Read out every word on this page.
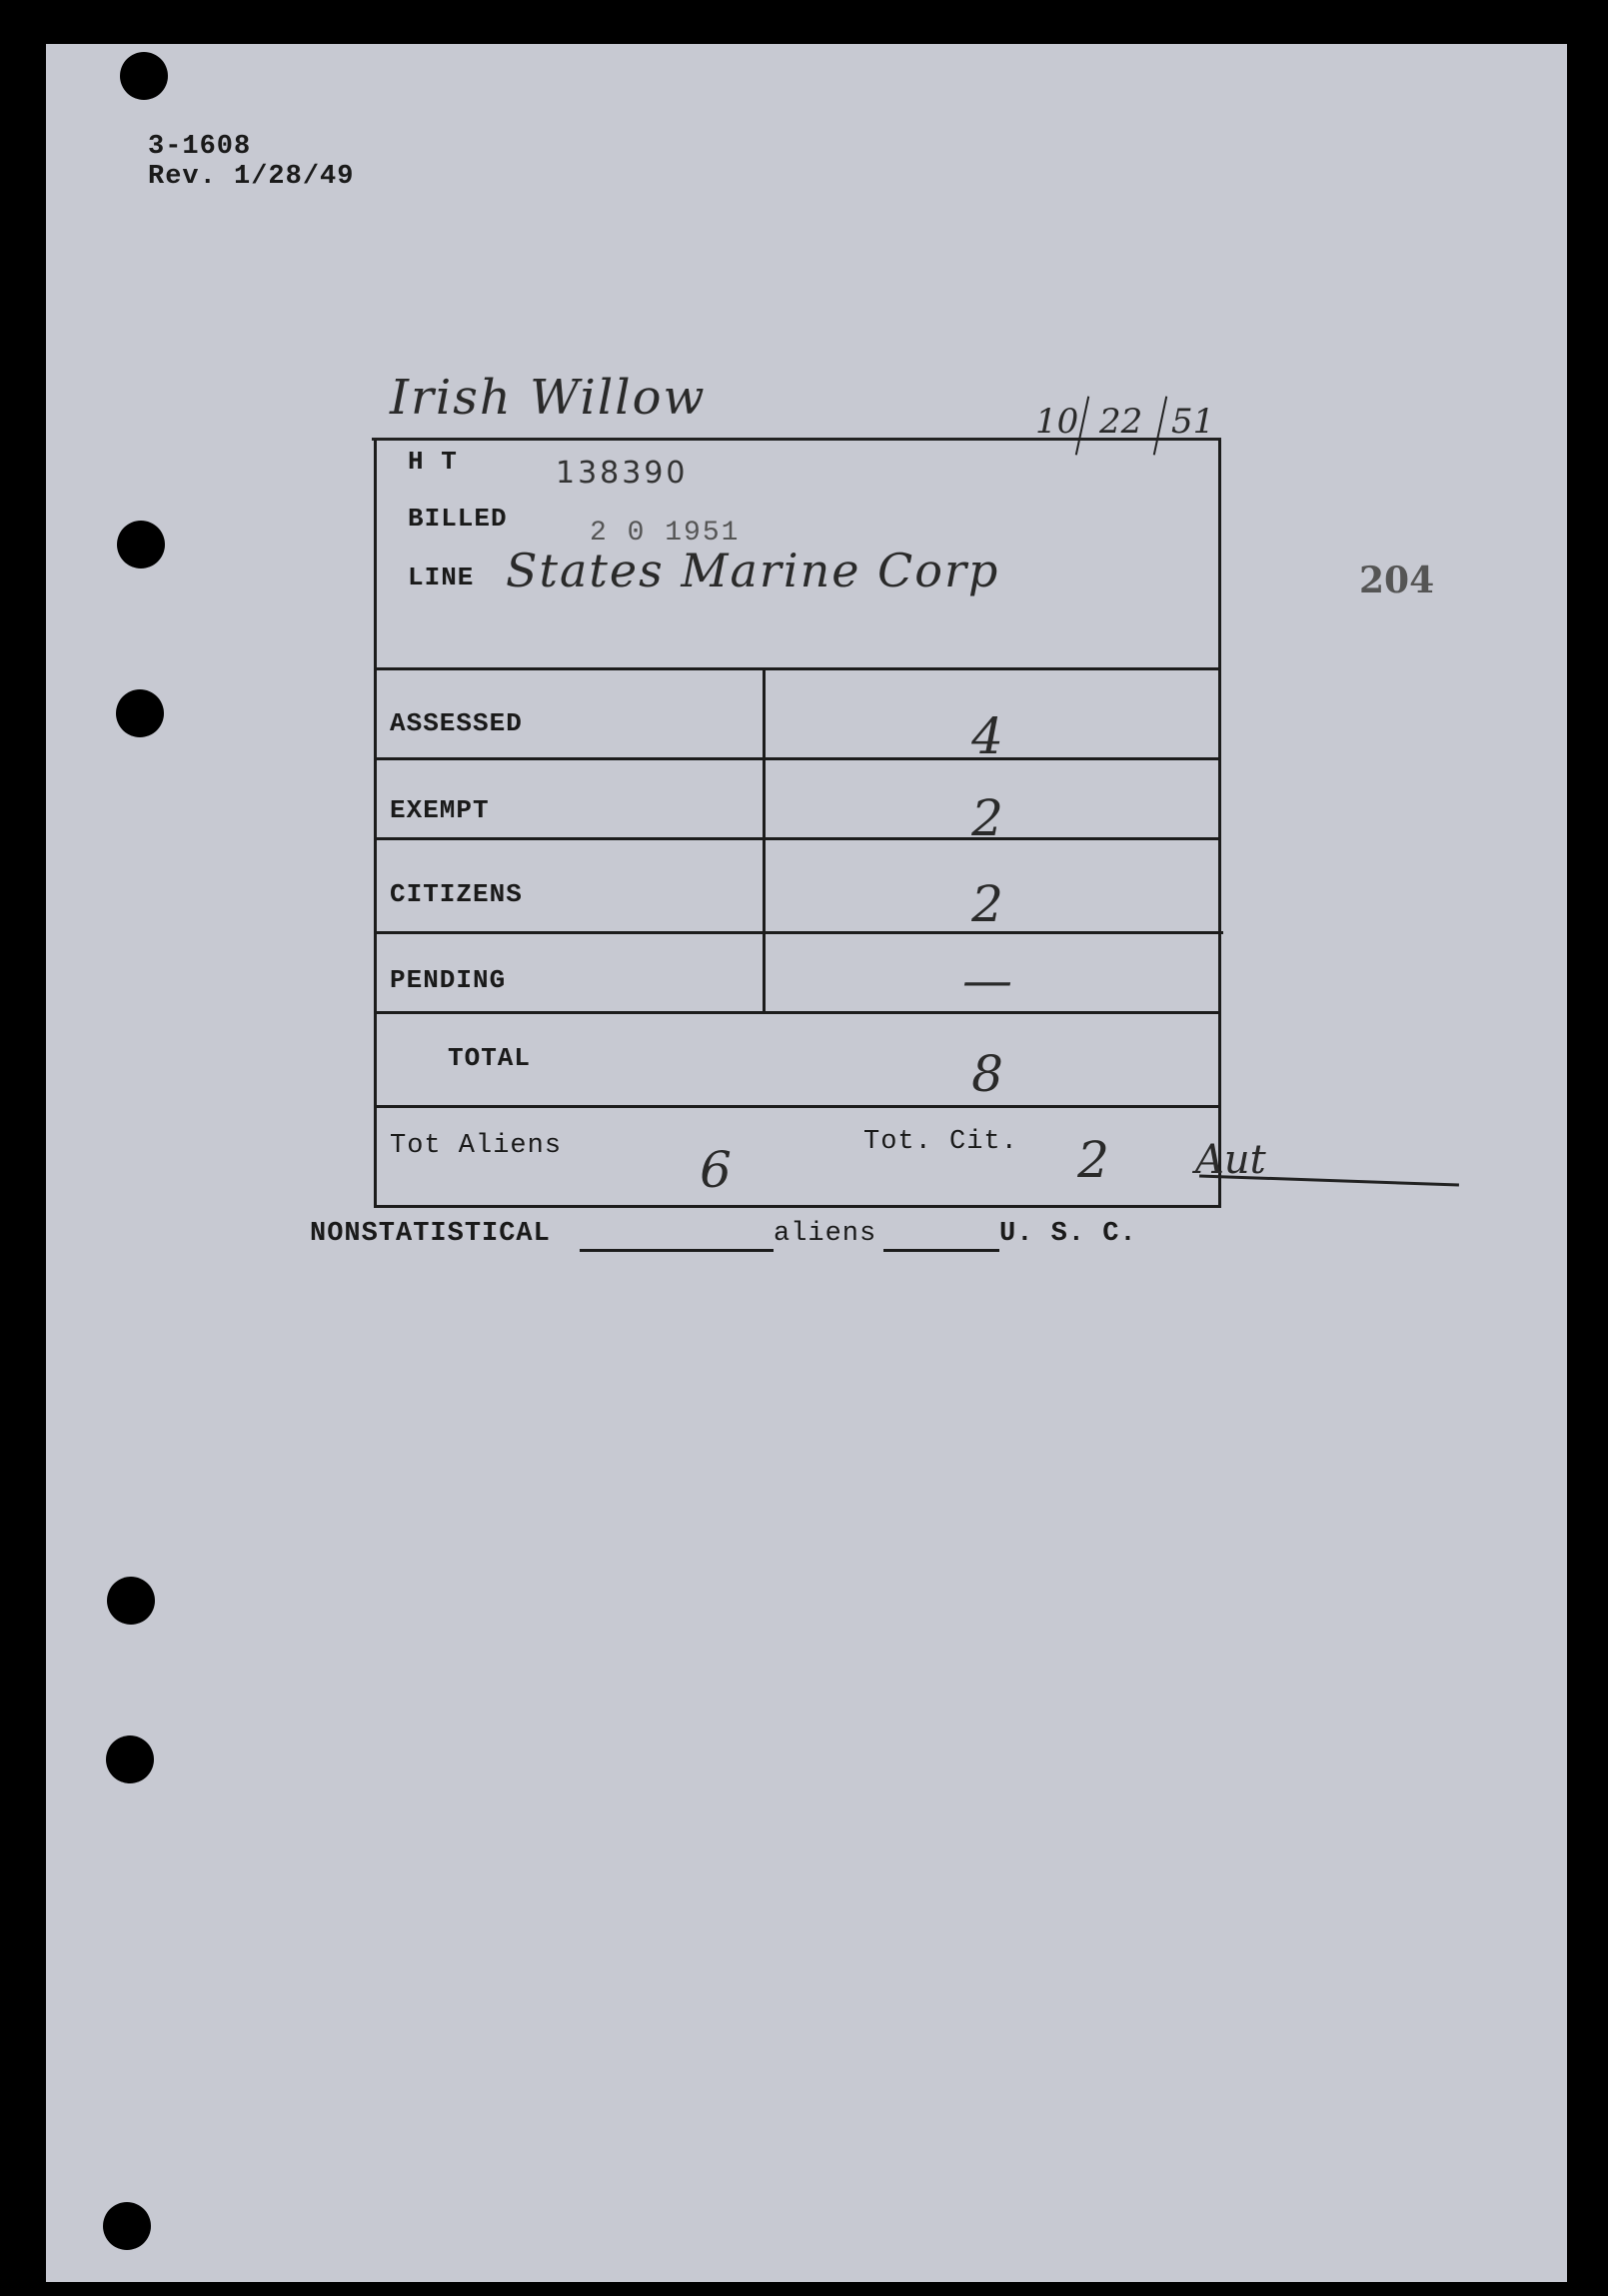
3-1608
Rev. 1/28/49
Irish Willow	10 22 51
H T	138390
BILLED	2 0 1951
LINE States Marine Corp
ASSESSED	4
EXEMPT	2
CITIZENS	2
PENDING	—
TOTAL	8
Tot Aliens	6	Tot. Cit.	2	Aut
NONSTATISTICAL	aliens	U. S. C.
204
